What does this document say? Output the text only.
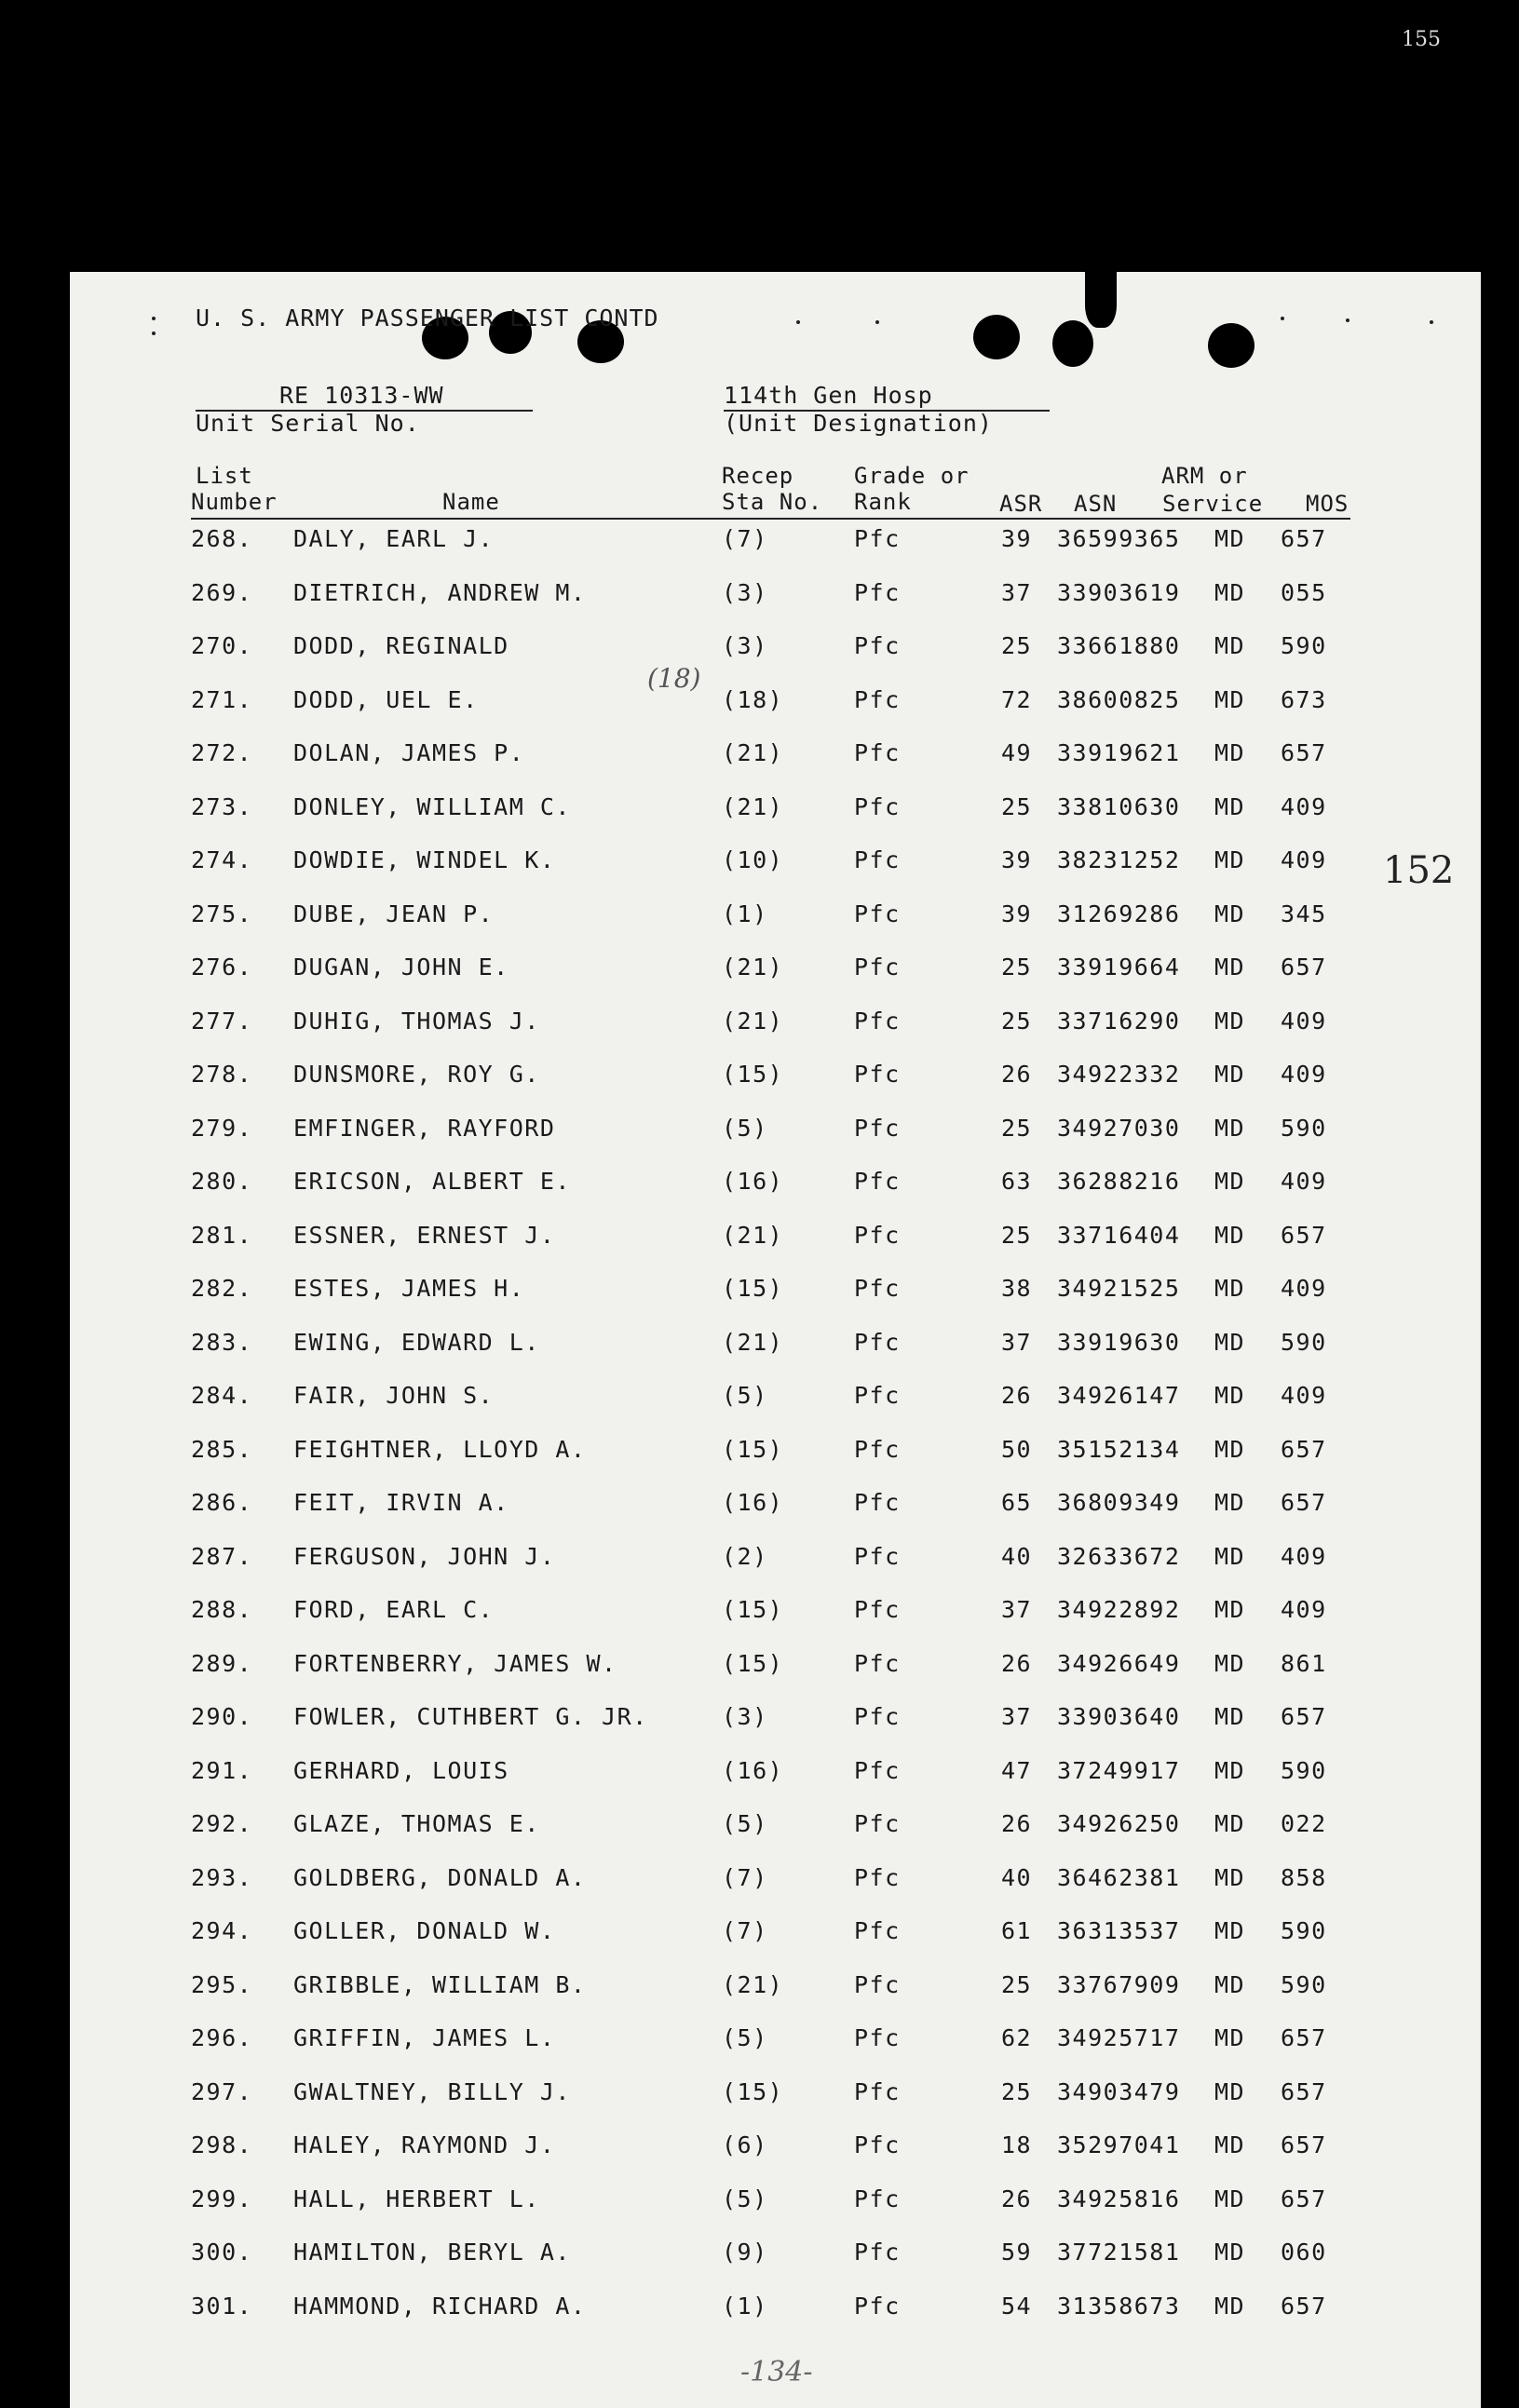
155
U. S. ARMY PASSENGER LIST CONTD
RE 10313-WW
Unit Serial No.
114th Gen Hosp
(Unit Designation)
List
Number	Name
Recep
Sta No.
Grade or
Rank	ASR ASN
ARM or
Service MOS
268. DALY, EARL J.	(7)	Pfc	39 36599365 MD 657
269. DIETRICH, ANDREW M.	(3)	Pfc	37 33903619 MD 055
270. DODD, REGINALD	(3)	Pfc	25 33661880 MD 590
271. DODD, UEL E.	(18)	Pfc	72 38600825 MD 673
272. DOLAN, JAMES P.	(21)	Pfc	49 33919621 MD 657
273. DONLEY, WILLIAM C.	(21)	Pfc	25 33810630 MD 409
274. DOWDIE, WINDEL K.	(10)	Pfc	39 38231252 MD 409
275. DUBE, JEAN P.	(1)	Pfc	39 31269286 MD 345
276. DUGAN, JOHN E.	(21)	Pfc	25 33919664 MD 657
277. DUHIG, THOMAS J.	(21)	Pfc	25 33716290 MD 409
278. DUNSMORE, ROY G.	(15)	Pfc	26 34922332 MD 409
279. EMFINGER, RAYFORD	(5)	Pfc	25 34927030 MD 590
280. ERICSON, ALBERT E.	(16)	Pfc	63 36288216 MD 409
281. ESSNER, ERNEST J.	(21)	Pfc	25 33716404 MD 657
282. ESTES, JAMES H.	(15)	Pfc	38 34921525 MD 409
283. EWING, EDWARD L.	(21)	Pfc	37 33919630 MD 590
284. FAIR, JOHN S.	(5)	Pfc	26 34926147 MD 409
285. FEIGHTNER, LLOYD A.	(15)	Pfc	50 35152134 MD 657
286. FEIT, IRVIN A.	(16)	Pfc	65 36809349 MD 657
287. FERGUSON, JOHN J.	(2)	Pfc	40 32633672 MD 409
288. FORD, EARL C.	(15)	Pfc	37 34922892 MD 409
289. FORTENBERRY, JAMES W.	(15)	Pfc	26 34926649 MD 861
290. FOWLER, CUTHBERT G. JR.	(3)	Pfc	37 33903640 MD 657
291. GERHARD, LOUIS	(16)	Pfc	47 37249917 MD 590
292. GLAZE, THOMAS E.	(5)	Pfc	26 34926250 MD 022
293. GOLDBERG, DONALD A.	(7)	Pfc	40 36462381 MD 858
294. GOLLER, DONALD W.	(7)	Pfc	61 36313537 MD 590
295. GRIBBLE, WILLIAM B.	(21)	Pfc	25 33767909 MD 590
296. GRIFFIN, JAMES L.	(5)	Pfc	62 34925717 MD 657
297. GWALTNEY, BILLY J.	(15)	Pfc	25 34903479 MD 657
298. HALEY, RAYMOND J.	(6)	Pfc	18 35297041 MD 657
299. HALL, HERBERT L.	(5)	Pfc	26 34925816 MD 657
300. HAMILTON, BERYL A.	(9)	Pfc	59 37721581 MD 060
301. HAMMOND, RICHARD A.	(1)	Pfc	54 31358673 MD 657
(18)
152
-134-
